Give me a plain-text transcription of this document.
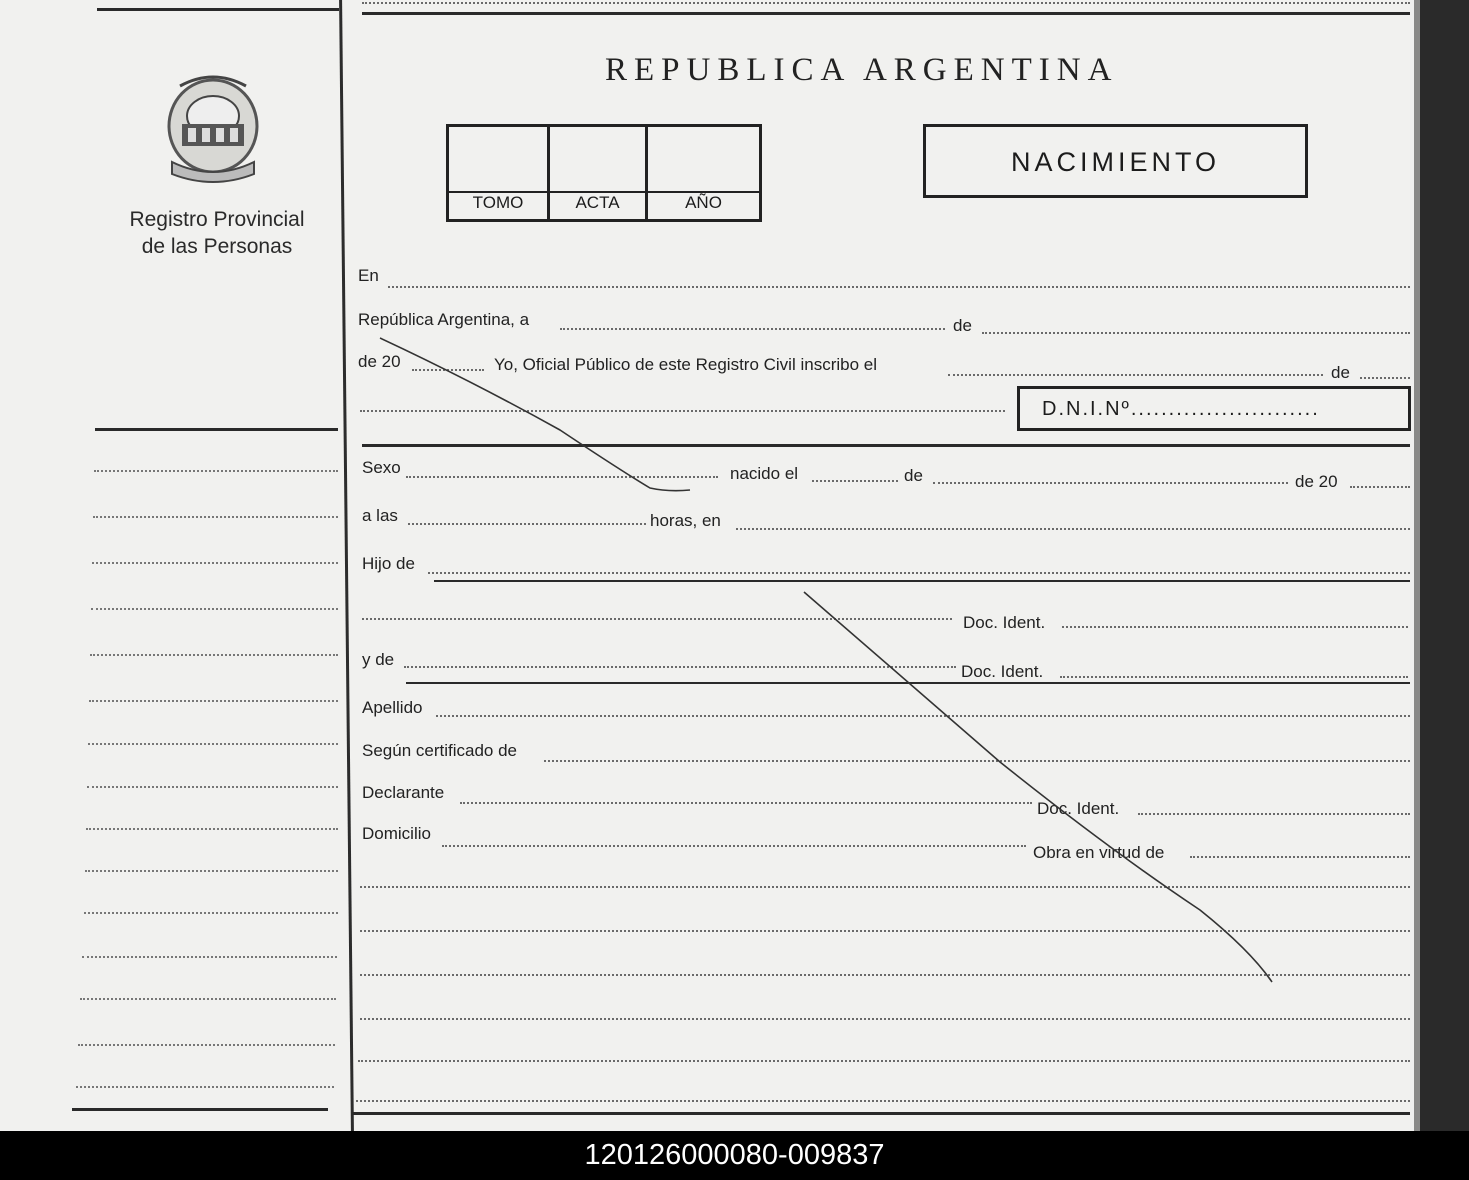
Registro Provincial
de las Personas
REPUBLICA ARGENTINA
TOMO	ACTA	AÑO
NACIMIENTO
En
República Argentina, a	de
de 20	Yo, Oficial Público de este Registro Civil inscribo el	de
D.N.I.Nº.........................
Sexo	nacido el	de	de 20
a las	horas, en
Hijo de
Doc. Ident.
y de
Doc. Ident.
Apellido
Según certificado de
Declarante
Doc. Ident.
Domicilio
Obra en virtud de
120126000080-009837
